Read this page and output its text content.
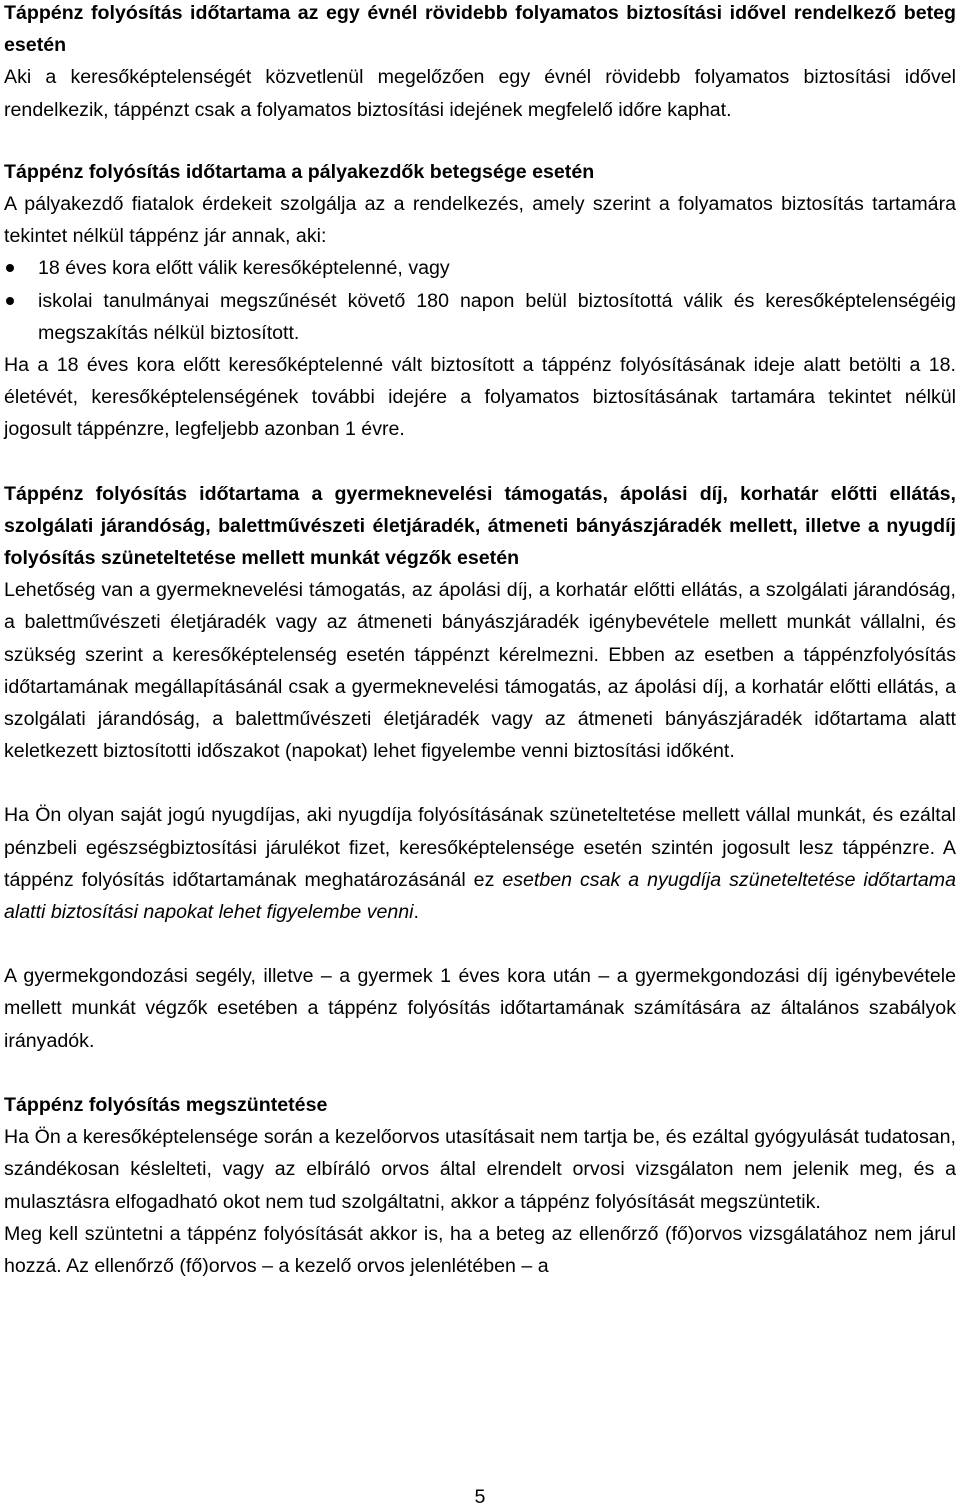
Táppénz folyósítás időtartama az egy évnél rövidebb folyamatos biztosítási idővel rendelkező beteg esetén

Aki a keresőképtelenségét közvetlenül megelőzően egy évnél rövidebb folyamatos biztosítási idővel rendelkezik, táppénzt csak a folyamatos biztosítási idejének megfelelő időre kaphat.

Táppénz folyósítás időtartama a pályakezdők betegsége esetén

A pályakezdő fiatalok érdekeit szolgálja az a rendelkezés, amely szerint a folyamatos biztosítás tartamára tekintet nélkül táppénz jár annak, aki:

18 éves kora előtt válik keresőképtelenné, vagy
iskolai tanulmányai megszűnését követő 180 napon belül biztosítottá válik és keresőképtelenségéig megszakítás nélkül biztosított.

Ha a 18 éves kora előtt keresőképtelenné vált biztosított a táppénz folyósításának ideje alatt betölti a 18. életévét, keresőképtelenségének további idejére a folyamatos biztosításának tartamára tekintet nélkül jogosult táppénzre, legfeljebb azonban 1 évre.

Táppénz folyósítás időtartama a gyermeknevelési támogatás, ápolási díj, korhatár előtti ellátás, szolgálati járandóság, balettművészeti életjáradék, átmeneti bányászjáradék mellett, illetve a nyugdíj folyósítás szüneteltetése mellett munkát végzők esetén

Lehetőség van a gyermeknevelési támogatás, az ápolási díj, a korhatár előtti ellátás, a szolgálati járandóság, a balettművészeti életjáradék vagy az átmeneti bányászjáradék igénybevétele mellett munkát vállalni, és szükség szerint a keresőképtelenség esetén táppénzt kérelmezni. Ebben az esetben a táppénzfolyósítás időtartamának megállapításánál csak a gyermeknevelési támogatás, az ápolási díj, a korhatár előtti ellátás, a szolgálati járandóság, a balettművészeti életjáradék vagy az átmeneti bányászjáradék időtartama alatt keletkezett biztosítotti időszakot (napokat) lehet figyelembe venni biztosítási időként.

Ha Ön olyan saját jogú nyugdíjas, aki nyugdíja folyósításának szüneteltetése mellett vállal munkát, és ezáltal pénzbeli egészségbiztosítási járulékot fizet, keresőképtelensége esetén szintén jogosult lesz táppénzre. A táppénz folyósítás időtartamának meghatározásánál ez esetben csak a nyugdíja szüneteltetése időtartama alatti biztosítási napokat lehet figyelembe venni.

A gyermekgondozási segély, illetve – a gyermek 1 éves kora után – a gyermekgondozási díj igénybevétele mellett munkát végzők esetében a táppénz folyósítás időtartamának számítására az általános szabályok irányadók.

Táppénz folyósítás megszüntetése

Ha Ön a keresőképtelensége során a kezelőorvos utasításait nem tartja be, és ezáltal gyógyulását tudatosan, szándékosan késlelteti, vagy az elbíráló orvos által elrendelt orvosi vizsgálaton nem jelenik meg, és a mulasztásra elfogadható okot nem tud szolgáltatni, akkor a táppénz folyósítását megszüntetik.

Meg kell szüntetni a táppénz folyósítását akkor is, ha a beteg az ellenőrző (fő)orvos vizsgálatához nem járul hozzá. Az ellenőrző (fő)orvos – a kezelő orvos jelenlétében – a

5
